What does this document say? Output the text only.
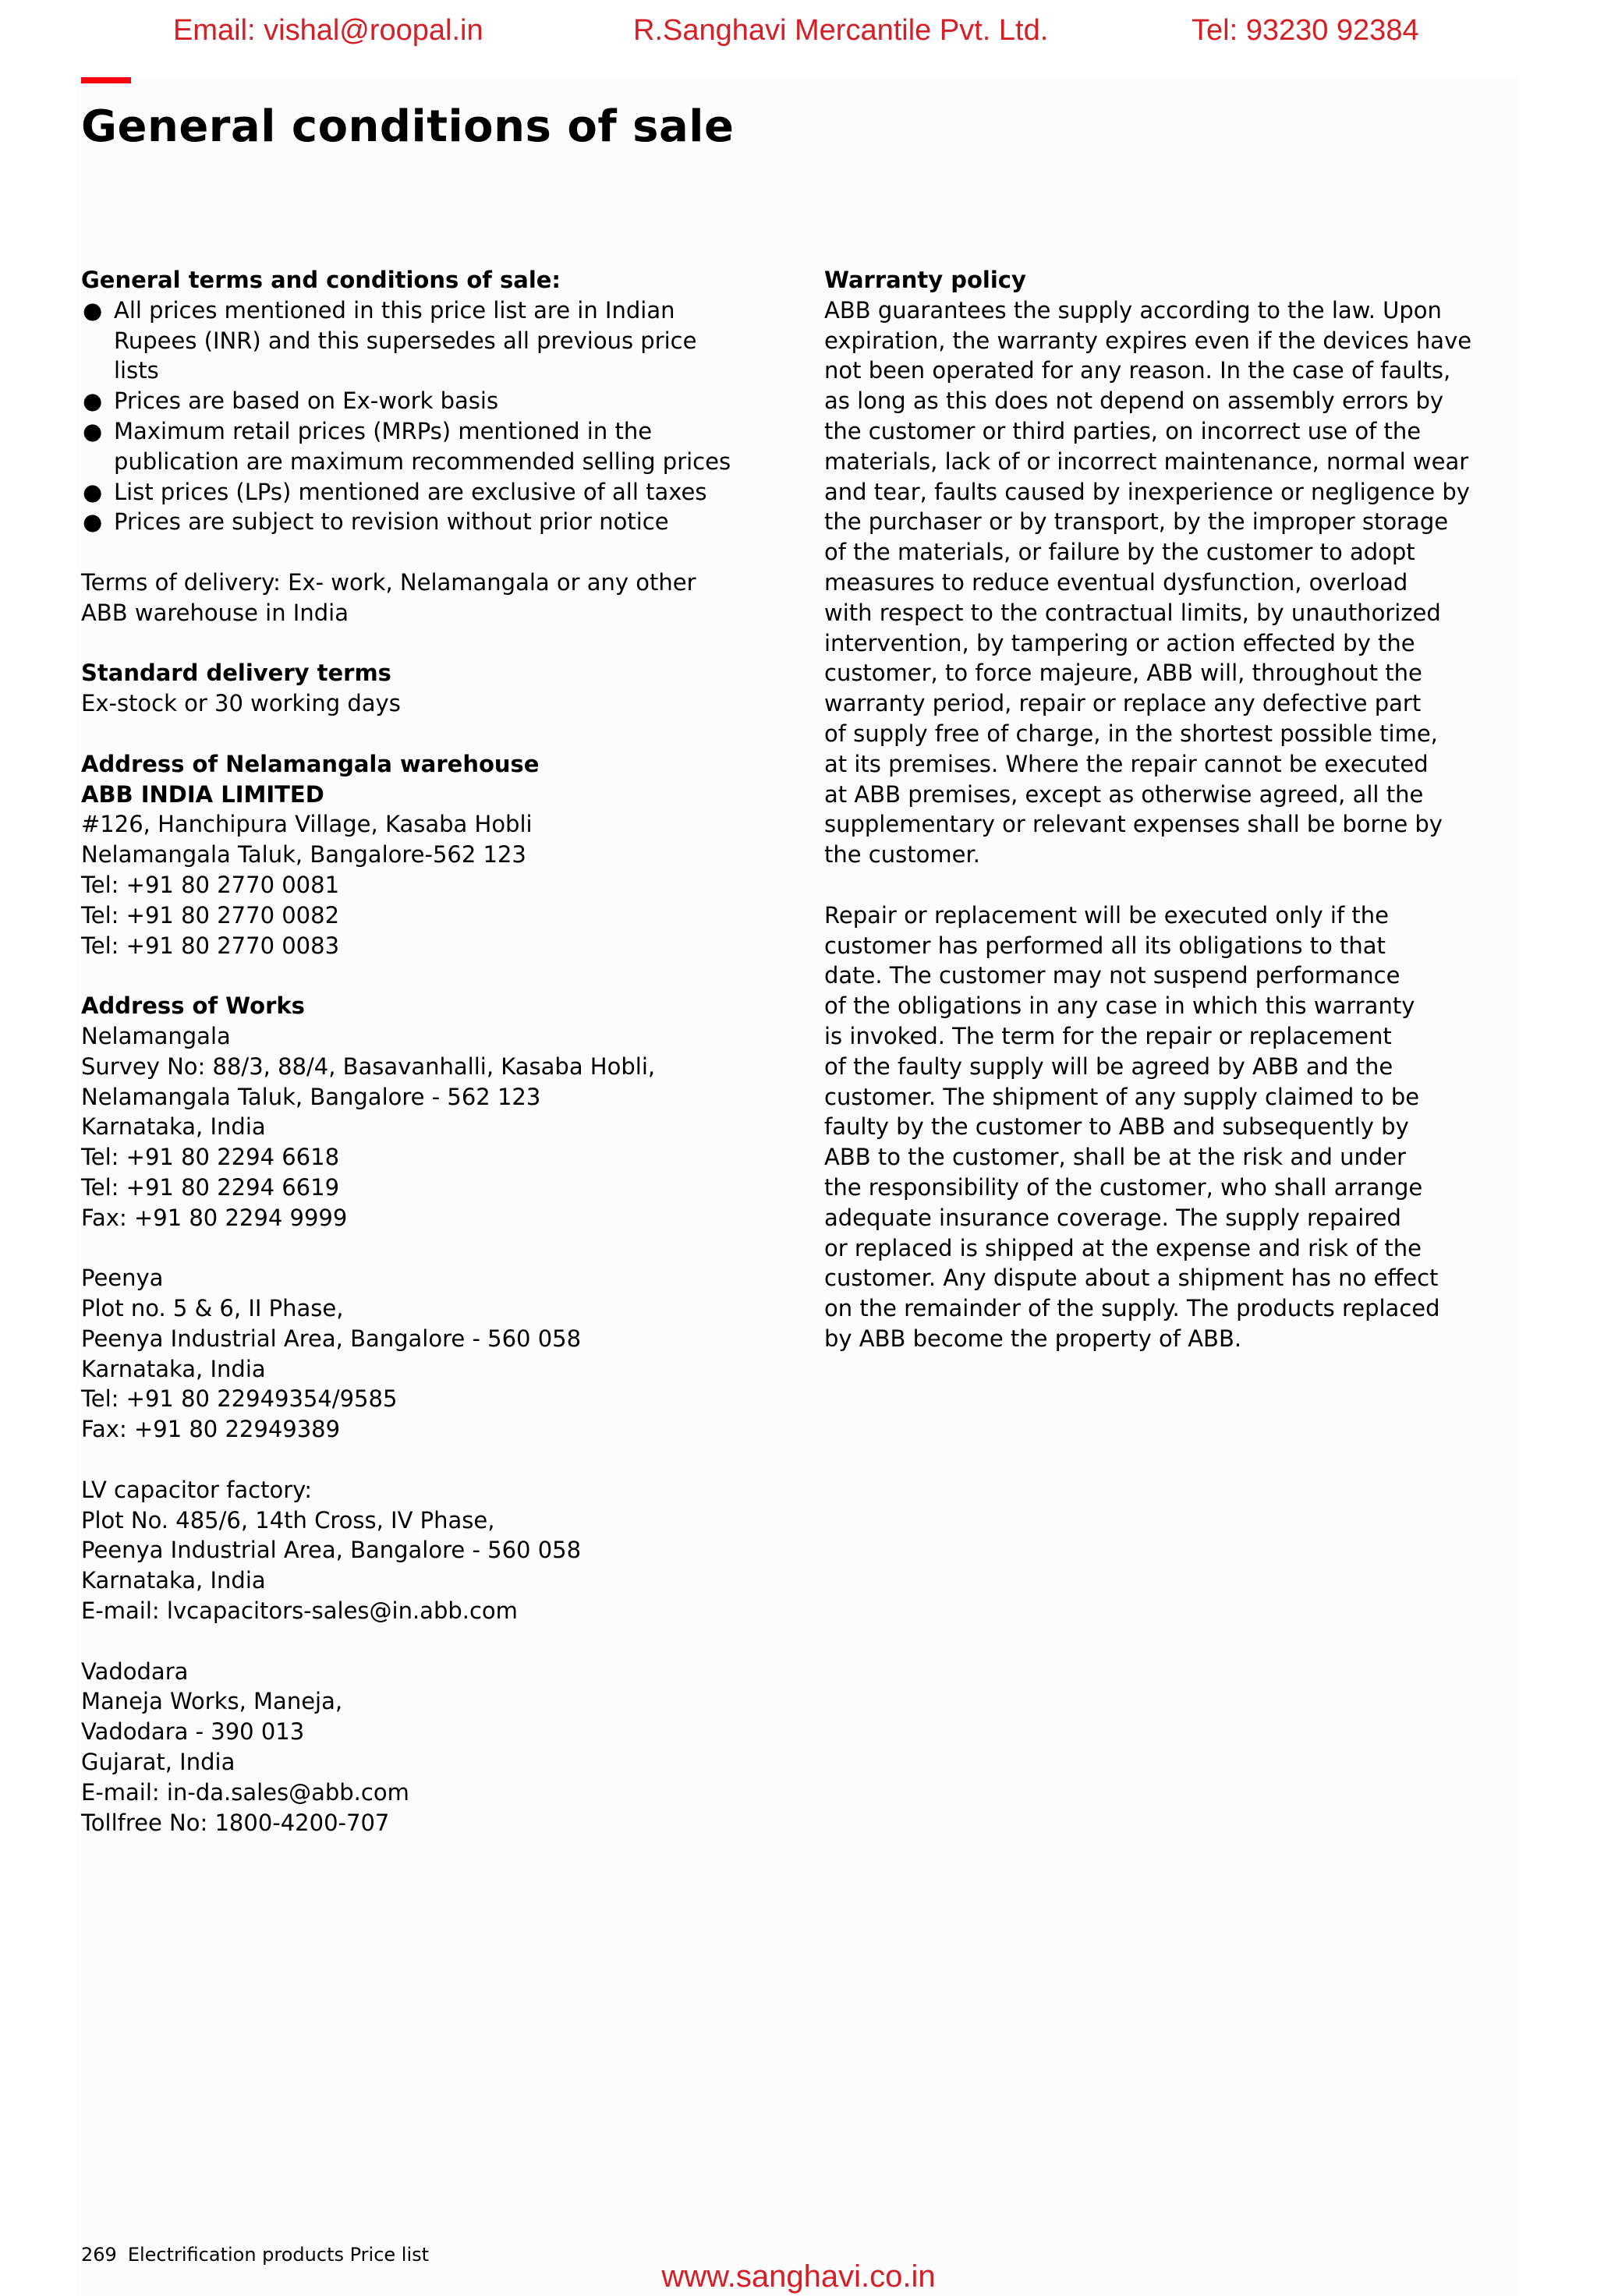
Email: vishal@roopal.in	R.Sanghavi Mercantile Pvt. Ltd.	Tel: 93230 92384
General conditions of sale
General terms and conditions of sale:
● All prices mentioned in this price list are in Indian
Rupees (INR) and this supersedes all previous price
lists
● Prices are based on Ex-work basis
● Maximum retail prices (MRPs) mentioned in the
publication are maximum recommended selling prices
● List prices (LPs) mentioned are exclusive of all taxes
● Prices are subject to revision without prior notice
Terms of delivery: Ex- work, Nelamangala or any other
ABB warehouse in India
Standard delivery terms
Ex-stock or 30 working days
Address of Nelamangala warehouse
ABB INDIA LIMITED
#126, Hanchipura Village, Kasaba Hobli
Nelamangala Taluk, Bangalore-562 123
Tel: +91 80 2770 0081
Tel: +91 80 2770 0082
Tel: +91 80 2770 0083
Address of Works
Nelamangala
Survey No: 88/3, 88/4, Basavanhalli, Kasaba Hobli,
Nelamangala Taluk, Bangalore - 562 123
Karnataka, India
Tel: +91 80 2294 6618
Tel: +91 80 2294 6619
Fax: +91 80 2294 9999
Peenya
Plot no. 5 & 6, II Phase,
Peenya Industrial Area, Bangalore - 560 058
Karnataka, India
Tel: +91 80 22949354/9585
Fax: +91 80 22949389
LV capacitor factory:
Plot No. 485/6, 14th Cross, IV Phase,
Peenya Industrial Area, Bangalore - 560 058
Karnataka, India
E-mail: lvcapacitors-sales@in.abb.com
Vadodara
Maneja Works, Maneja,
Vadodara - 390 013
Gujarat, India
E-mail: in-da.sales@abb.com
Tollfree No: 1800-4200-707
Warranty policy
ABB guarantees the supply according to the law. Upon
expiration, the warranty expires even if the devices have
not been operated for any reason. In the case of faults,
as long as this does not depend on assembly errors by
the customer or third parties, on incorrect use of the
materials, lack of or incorrect maintenance, normal wear
and tear, faults caused by inexperience or negligence by
the purchaser or by transport, by the improper storage
of the materials, or failure by the customer to adopt
measures to reduce eventual dysfunction, overload
with respect to the contractual limits, by unauthorized
intervention, by tampering or action effected by the
customer, to force majeure, ABB will, throughout the
warranty period, repair or replace any defective part
of supply free of charge, in the shortest possible time,
at its premises. Where the repair cannot be executed
at ABB premises, except as otherwise agreed, all the
supplementary or relevant expenses shall be borne by
the customer.
Repair or replacement will be executed only if the
customer has performed all its obligations to that
date. The customer may not suspend performance
of the obligations in any case in which this warranty
is invoked. The term for the repair or replacement
of the faulty supply will be agreed by ABB and the
customer. The shipment of any supply claimed to be
faulty by the customer to ABB and subsequently by
ABB to the customer, shall be at the risk and under
the responsibility of the customer, who shall arrange
adequate insurance coverage. The supply repaired
or replaced is shipped at the expense and risk of the
customer. Any dispute about a shipment has no effect
on the remainder of the supply. The products replaced
by ABB become the property of ABB.
269 Electrification products Price list
www.sanghavi.co.in
